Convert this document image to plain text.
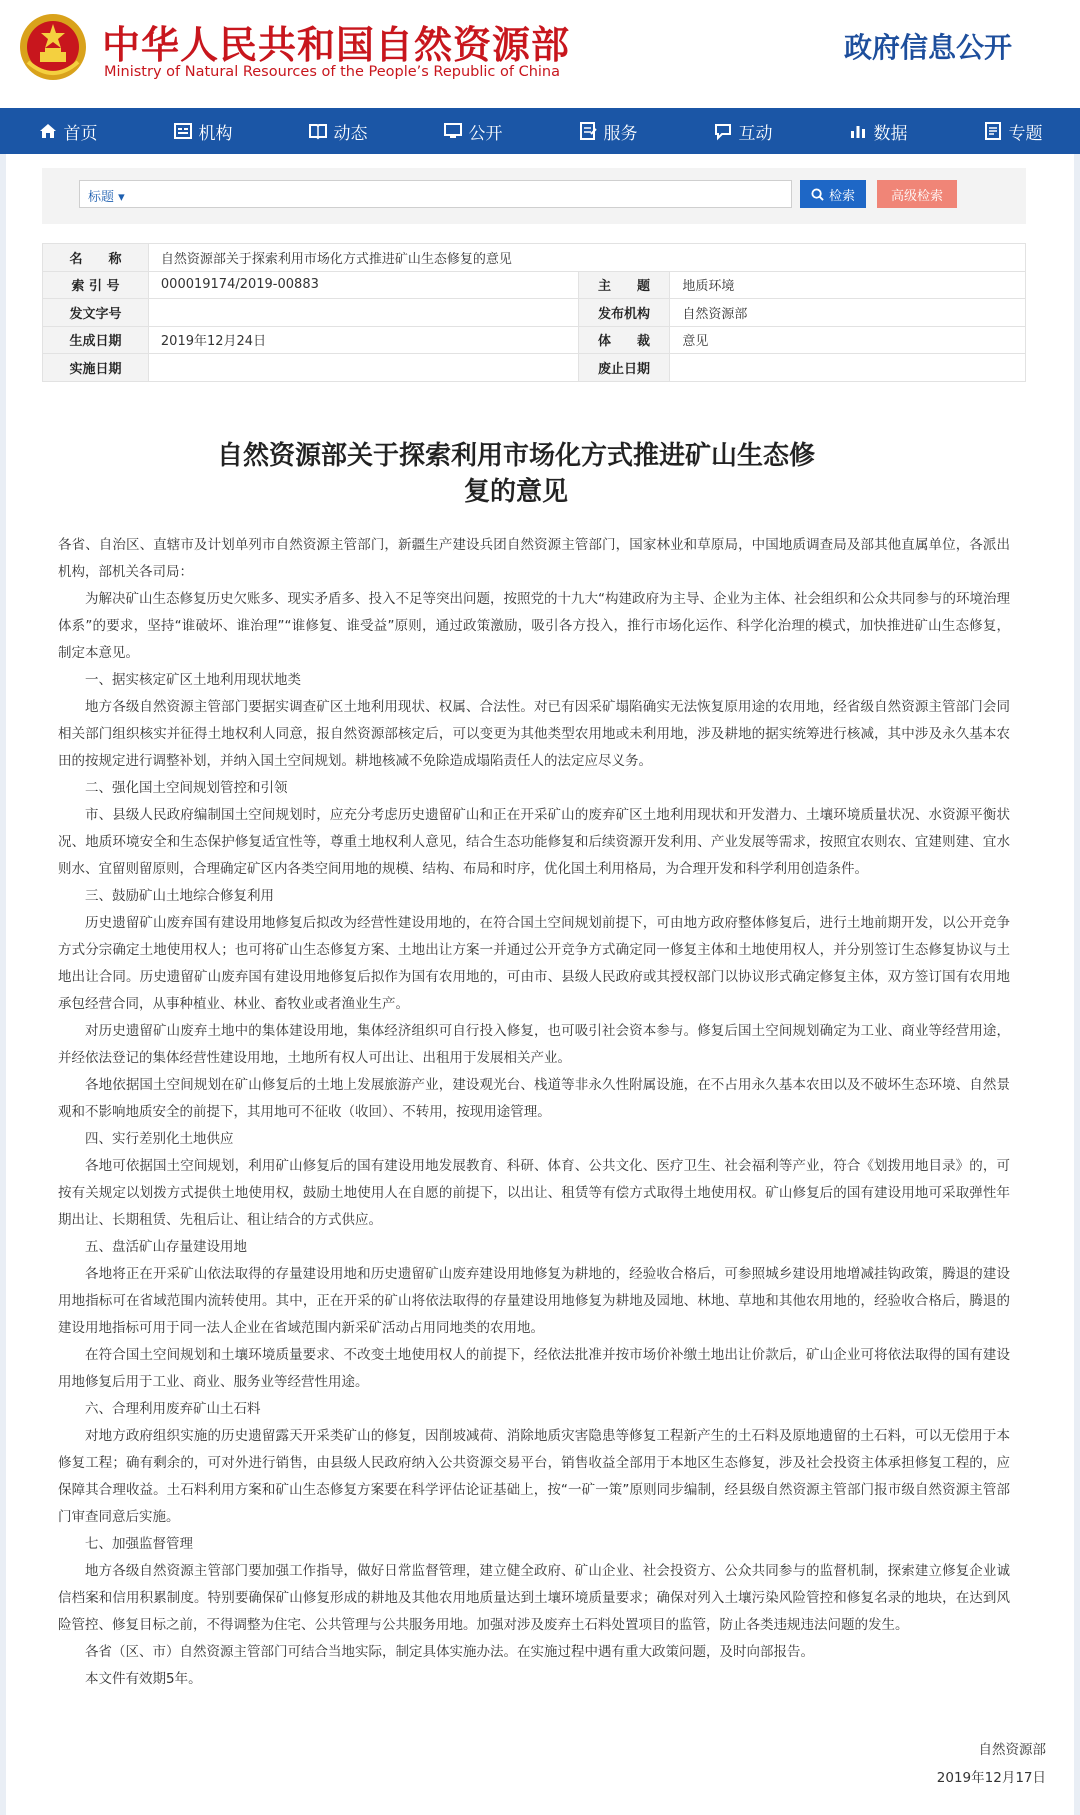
中华人民共和国自然资源部
Ministry of Natural Resources of the People’s Republic of China
政府信息公开
首页	机构	动态	公开	服务	互动	数据	专题
标题 ▾	检索	高级检索
名　　称	自然资源部关于探索利用市场化方式推进矿山生态修复的意见		
索 引 号	000019174/2019-00883	主　　题	地质环境
发文字号		发布机构	自然资源部
生成日期	2019年12月24日	体　　裁	意见
实施日期		废止日期	
自然资源部关于探索利用市场化方式推进矿山生态修
复的意见

各省、自治区、直辖市及计划单列市自然资源主管部门，新疆生产建设兵团自然资源主管部门，国家林业和草原局，中国地质调查局及部其他直属单位，各派出机构，部机关各司局：

为解决矿山生态修复历史欠账多、现实矛盾多、投入不足等突出问题，按照党的十九大“构建政府为主导、企业为主体、社会组织和公众共同参与的环境治理体系”的要求，坚持“谁破坏、谁治理”“谁修复、谁受益”原则，通过政策激励，吸引各方投入，推行市场化运作、科学化治理的模式，加快推进矿山生态修复，制定本意见。

一、据实核定矿区土地利用现状地类

地方各级自然资源主管部门要据实调查矿区土地利用现状、权属、合法性。对已有因采矿塌陷确实无法恢复原用途的农用地，经省级自然资源主管部门会同相关部门组织核实并征得土地权利人同意，报自然资源部核定后，可以变更为其他类型农用地或未利用地，涉及耕地的据实统筹进行核减，其中涉及永久基本农田的按规定进行调整补划，并纳入国土空间规划。耕地核减不免除造成塌陷责任人的法定应尽义务。

二、强化国土空间规划管控和引领

市、县级人民政府编制国土空间规划时，应充分考虑历史遗留矿山和正在开采矿山的废弃矿区土地利用现状和开发潜力、土壤环境质量状况、水资源平衡状况、地质环境安全和生态保护修复适宜性等，尊重土地权利人意见，结合生态功能修复和后续资源开发利用、产业发展等需求，按照宜农则农、宜建则建、宜水则水、宜留则留原则，合理确定矿区内各类空间用地的规模、结构、布局和时序，优化国土利用格局，为合理开发和科学利用创造条件。

三、鼓励矿山土地综合修复利用

历史遗留矿山废弃国有建设用地修复后拟改为经营性建设用地的，在符合国土空间规划前提下，可由地方政府整体修复后，进行土地前期开发，以公开竞争方式分宗确定土地使用权人；也可将矿山生态修复方案、土地出让方案一并通过公开竞争方式确定同一修复主体和土地使用权人，并分别签订生态修复协议与土地出让合同。历史遗留矿山废弃国有建设用地修复后拟作为国有农用地的，可由市、县级人民政府或其授权部门以协议形式确定修复主体，双方签订国有农用地承包经营合同，从事种植业、林业、畜牧业或者渔业生产。

对历史遗留矿山废弃土地中的集体建设用地，集体经济组织可自行投入修复，也可吸引社会资本参与。修复后国土空间规划确定为工业、商业等经营用途，并经依法登记的集体经营性建设用地，土地所有权人可出让、出租用于发展相关产业。

各地依据国土空间规划在矿山修复后的土地上发展旅游产业，建设观光台、栈道等非永久性附属设施，在不占用永久基本农田以及不破坏生态环境、自然景观和不影响地质安全的前提下，其用地可不征收（收回）、不转用，按现用途管理。

四、实行差别化土地供应

各地可依据国土空间规划，利用矿山修复后的国有建设用地发展教育、科研、体育、公共文化、医疗卫生、社会福利等产业，符合《划拨用地目录》的，可按有关规定以划拨方式提供土地使用权，鼓励土地使用人在自愿的前提下，以出让、租赁等有偿方式取得土地使用权。矿山修复后的国有建设用地可采取弹性年期出让、长期租赁、先租后让、租让结合的方式供应。

五、盘活矿山存量建设用地

各地将正在开采矿山依法取得的存量建设用地和历史遗留矿山废弃建设用地修复为耕地的，经验收合格后，可参照城乡建设用地增减挂钩政策，腾退的建设用地指标可在省域范围内流转使用。其中，正在开采的矿山将依法取得的存量建设用地修复为耕地及园地、林地、草地和其他农用地的，经验收合格后，腾退的建设用地指标可用于同一法人企业在省域范围内新采矿活动占用同地类的农用地。

在符合国土空间规划和土壤环境质量要求、不改变土地使用权人的前提下，经依法批准并按市场价补缴土地出让价款后，矿山企业可将依法取得的国有建设用地修复后用于工业、商业、服务业等经营性用途。

六、合理利用废弃矿山土石料

对地方政府组织实施的历史遗留露天开采类矿山的修复，因削坡减荷、消除地质灾害隐患等修复工程新产生的土石料及原地遗留的土石料，可以无偿用于本修复工程；确有剩余的，可对外进行销售，由县级人民政府纳入公共资源交易平台，销售收益全部用于本地区生态修复，涉及社会投资主体承担修复工程的，应保障其合理收益。土石料利用方案和矿山生态修复方案要在科学评估论证基础上，按“一矿一策”原则同步编制，经县级自然资源主管部门报市级自然资源主管部门审查同意后实施。

七、加强监督管理

地方各级自然资源主管部门要加强工作指导，做好日常监督管理，建立健全政府、矿山企业、社会投资方、公众共同参与的监督机制，探索建立修复企业诚信档案和信用积累制度。特别要确保矿山修复形成的耕地及其他农用地质量达到土壤环境质量要求；确保对列入土壤污染风险管控和修复名录的地块，在达到风险管控、修复目标之前，不得调整为住宅、公共管理与公共服务用地。加强对涉及废弃土石料处置项目的监管，防止各类违规违法问题的发生。

各省（区、市）自然资源主管部门可结合当地实际，制定具体实施办法。在实施过程中遇有重大政策问题，及时向部报告。

本文件有效期5年。

自然资源部
2019年12月17日
